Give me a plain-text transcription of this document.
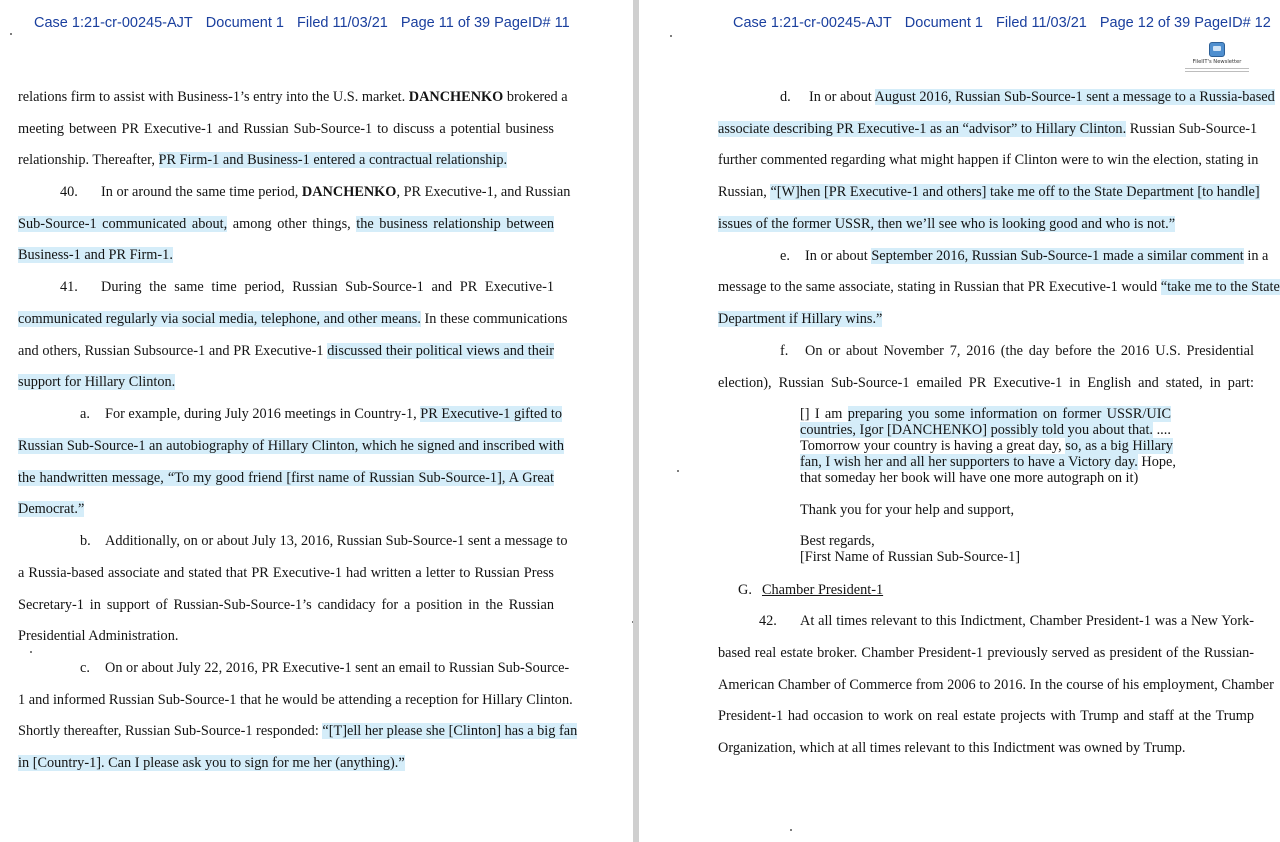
Case 1:21-cr-00245-AJT Document 1 Filed 11/03/21 Page 11 of 39 PageID# 11
relations firm to assist with Business-1’s entry into the U.S. market. DANCHENKO brokered a
meeting between PR Executive-1 and Russian Sub-Source-1 to discuss a potential business
relationship. Thereafter, PR Firm-1 and Business-1 entered a contractual relationship.
40. In or around the same time period, DANCHENKO, PR Executive-1, and Russian
Sub-Source-1 communicated about, among other things, the business relationship between
Business-1 and PR Firm-1.
41. During the same time period, Russian Sub-Source-1 and PR Executive-1
communicated regularly via social media, telephone, and other means. In these communications
and others, Russian Subsource-1 and PR Executive-1 discussed their political views and their
support for Hillary Clinton.
a. For example, during July 2016 meetings in Country-1, PR Executive-1 gifted to
Russian Sub-Source-1 an autobiography of Hillary Clinton, which he signed and inscribed with
the handwritten message, “To my good friend [first name of Russian Sub-Source-1], A Great
Democrat.”
b. Additionally, on or about July 13, 2016, Russian Sub-Source-1 sent a message to
a Russia-based associate and stated that PR Executive-1 had written a letter to Russian Press
Secretary-1 in support of Russian-Sub-Source-1’s candidacy for a position in the Russian
Presidential Administration.
c. On or about July 22, 2016, PR Executive-1 sent an email to Russian Sub-Source-
1 and informed Russian Sub-Source-1 that he would be attending a reception for Hillary Clinton.
Shortly thereafter, Russian Sub-Source-1 responded: “[T]ell her please she [Clinton] has a big fan
in [Country-1]. Can I please ask you to sign for me her (anything).”
Case 1:21-cr-00245-AJT Document 1 Filed 11/03/21 Page 12 of 39 PageID# 12
FileIIT's Newsletter
d. In or about August 2016, Russian Sub-Source-1 sent a message to a Russia-based
associate describing PR Executive-1 as an “advisor” to Hillary Clinton. Russian Sub-Source-1
further commented regarding what might happen if Clinton were to win the election, stating in
Russian, “[W]hen [PR Executive-1 and others] take me off to the State Department [to handle]
issues of the former USSR, then we’ll see who is looking good and who is not.”
e. In or about September 2016, Russian Sub-Source-1 made a similar comment in a
message to the same associate, stating in Russian that PR Executive-1 would “take me to the State
Department if Hillary wins.”
f. On or about November 7, 2016 (the day before the 2016 U.S. Presidential
election), Russian Sub-Source-1 emailed PR Executive-1 in English and stated, in part:
[] I am preparing you some information on former USSR/UIC
countries, Igor [DANCHENKO] possibly told you about that. ....
Tomorrow your country is having a great day, so, as a big Hillary
fan, I wish her and all her supporters to have a Victory day. Hope,
that someday her book will have one more autograph on it)
Thank you for your help and support,
Best regards,
[First Name of Russian Sub-Source-1]
G. Chamber President-1
42. At all times relevant to this Indictment, Chamber President-1 was a New York-
based real estate broker. Chamber President-1 previously served as president of the Russian-
American Chamber of Commerce from 2006 to 2016. In the course of his employment, Chamber
President-1 had occasion to work on real estate projects with Trump and staff at the Trump
Organization, which at all times relevant to this Indictment was owned by Trump.
